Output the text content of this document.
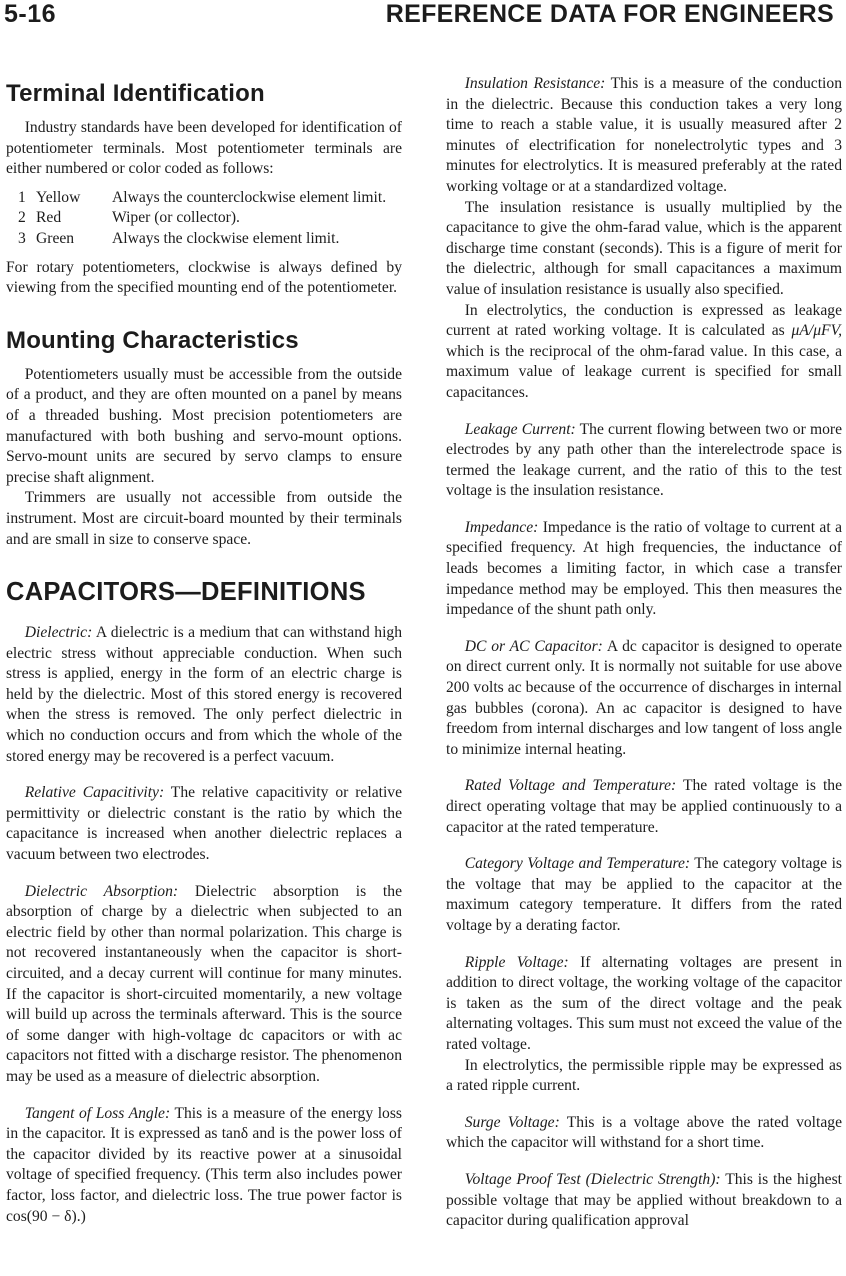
5-16	REFERENCE DATA FOR ENGINEERS
Terminal Identification

Industry standards have been developed for identification of potentiometer terminals. Most potentiometer terminals are either numbered or color coded as follows:

1 Yellow	Always the counterclockwise element limit.
2 Red	Wiper (or collector).
3 Green	Always the clockwise element limit.

For rotary potentiometers, clockwise is always defined by viewing from the specified mounting end of the potentiometer.

Mounting Characteristics

Potentiometers usually must be accessible from the outside of a product, and they are often mounted on a panel by means of a threaded bushing. Most precision potentiometers are manufactured with both bushing and servo-mount options. Servo-mount units are secured by servo clamps to ensure precise shaft alignment.

Trimmers are usually not accessible from outside the instrument. Most are circuit-board mounted by their terminals and are small in size to conserve space.

CAPACITORS—DEFINITIONS

Dielectric: A dielectric is a medium that can withstand high electric stress without appreciable conduction. When such stress is applied, energy in the form of an electric charge is held by the dielectric. Most of this stored energy is recovered when the stress is removed. The only perfect dielectric in which no conduction occurs and from which the whole of the stored energy may be recovered is a perfect vacuum.

Relative Capacitivity: The relative capacitivity or relative permittivity or dielectric constant is the ratio by which the capacitance is increased when another dielectric replaces a vacuum between two electrodes.

Dielectric Absorption: Dielectric absorption is the absorption of charge by a dielectric when subjected to an electric field by other than normal polarization. This charge is not recovered instantaneously when the capacitor is short-circuited, and a decay current will continue for many minutes. If the capacitor is short-circuited momentarily, a new voltage will build up across the terminals afterward. This is the source of some danger with high-voltage dc capacitors or with ac capacitors not fitted with a discharge resistor. The phenomenon may be used as a measure of dielectric absorption.

Tangent of Loss Angle: This is a measure of the energy loss in the capacitor. It is expressed as tanδ and is the power loss of the capacitor divided by its reactive power at a sinusoidal voltage of specified frequency. (This term also includes power factor, loss factor, and dielectric loss. The true power factor is cos(90 − δ).)

Insulation Resistance: This is a measure of the conduction in the dielectric. Because this conduction takes a very long time to reach a stable value, it is usually measured after 2 minutes of electrification for nonelectrolytic types and 3 minutes for electrolytics. It is measured preferably at the rated working voltage or at a standardized voltage.

The insulation resistance is usually multiplied by the capacitance to give the ohm-farad value, which is the apparent discharge time constant (seconds). This is a figure of merit for the dielectric, although for small capacitances a maximum value of insulation resistance is usually also specified.

In electrolytics, the conduction is expressed as leakage current at rated working voltage. It is calculated as μA/μFV, which is the reciprocal of the ohm-farad value. In this case, a maximum value of leakage current is specified for small capacitances.

Leakage Current: The current flowing between two or more electrodes by any path other than the interelectrode space is termed the leakage current, and the ratio of this to the test voltage is the insulation resistance.

Impedance: Impedance is the ratio of voltage to current at a specified frequency. At high frequencies, the inductance of leads becomes a limiting factor, in which case a transfer impedance method may be employed. This then measures the impedance of the shunt path only.

DC or AC Capacitor: A dc capacitor is designed to operate on direct current only. It is normally not suitable for use above 200 volts ac because of the occurrence of discharges in internal gas bubbles (corona). An ac capacitor is designed to have freedom from internal discharges and low tangent of loss angle to minimize internal heating.

Rated Voltage and Temperature: The rated voltage is the direct operating voltage that may be applied continuously to a capacitor at the rated temperature.

Category Voltage and Temperature: The category voltage is the voltage that may be applied to the capacitor at the maximum category temperature. It differs from the rated voltage by a derating factor.

Ripple Voltage: If alternating voltages are present in addition to direct voltage, the working voltage of the capacitor is taken as the sum of the direct voltage and the peak alternating voltages. This sum must not exceed the value of the rated voltage.

In electrolytics, the permissible ripple may be expressed as a rated ripple current.

Surge Voltage: This is a voltage above the rated voltage which the capacitor will withstand for a short time.

Voltage Proof Test (Dielectric Strength): This is the highest possible voltage that may be applied without breakdown to a capacitor during qualification approval
